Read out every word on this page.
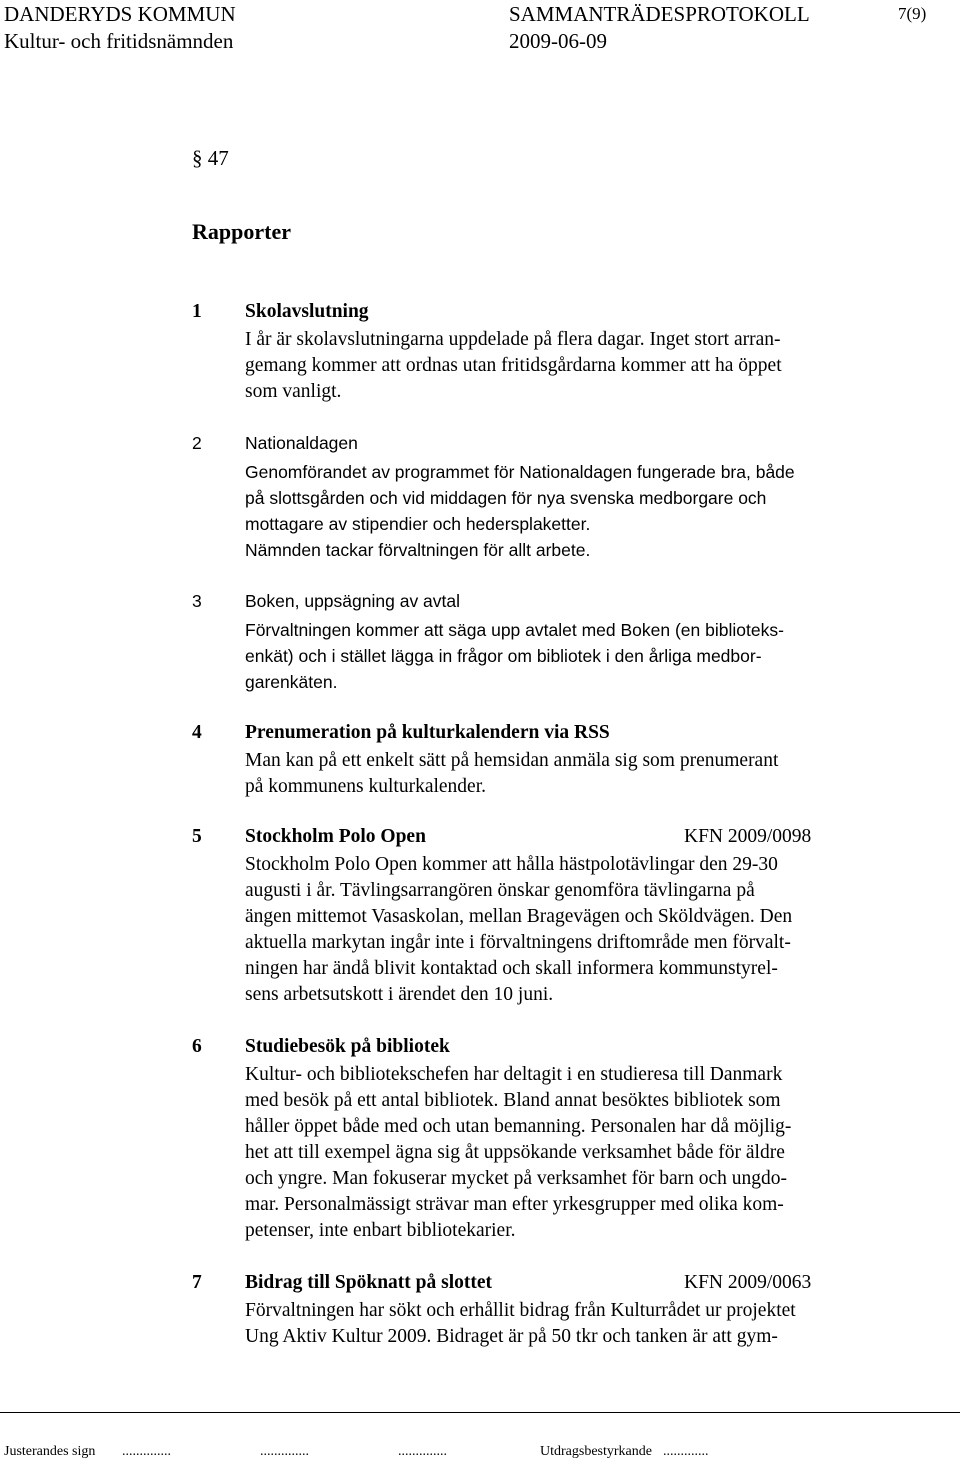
DANDERYDS KOMMUN
Kultur- och fritidsnämnden
SAMMANTRÄDESPROTOKOLL
2009-06-09
7(9)
§ 47
Rapporter
1 Skolavslutning
I år är skolavslutningarna uppdelade på flera dagar. Inget stort arran-
gemang kommer att ordnas utan fritidsgårdarna kommer att ha öppet
som vanligt.
2 Nationaldagen
Genomförandet av programmet för Nationaldagen fungerade bra, både
på slottsgården och vid middagen för nya svenska medborgare och
mottagare av stipendier och hedersplaketter.
Nämnden tackar förvaltningen för allt arbete.
3 Boken, uppsägning av avtal
Förvaltningen kommer att säga upp avtalet med Boken (en biblioteks-
enkät) och i stället lägga in frågor om bibliotek i den årliga medbor-
garenkäten.
4 Prenumeration på kulturkalendern via RSS
Man kan på ett enkelt sätt på hemsidan anmäla sig som prenumerant
på kommunens kulturkalender.
5 Stockholm Polo Open	KFN 2009/0098
Stockholm Polo Open kommer att hålla hästpolotävlingar den 29-30
augusti i år. Tävlingsarrangören önskar genomföra tävlingarna på
ängen mittemot Vasaskolan, mellan Bragevägen och Sköldvägen. Den
aktuella markytan ingår inte i förvaltningens driftområde men förvalt-
ningen har ändå blivit kontaktad och skall informera kommunstyrel-
sens arbetsutskott i ärendet den 10 juni.
6 Studiebesök på bibliotek
Kultur- och bibliotekschefen har deltagit i en studieresa till Danmark
med besök på ett antal bibliotek. Bland annat besöktes bibliotek som
håller öppet både med och utan bemanning. Personalen har då möjlig-
het att till exempel ägna sig åt uppsökande verksamhet både för äldre
och yngre. Man fokuserar mycket på verksamhet för barn och ungdo-
mar. Personalmässigt strävar man efter yrkesgrupper med olika kom-
petenser, inte enbart bibliotekarier.
7 Bidrag till Spöknatt på slottet	KFN 2009/0063
Förvaltningen har sökt och erhållit bidrag från Kulturrådet ur projektet
Ung Aktiv Kultur 2009. Bidraget är på 50 tkr och tanken är att gym-
Justerandes sign ..............	..............	..............	Utdragsbestyrkande .............
